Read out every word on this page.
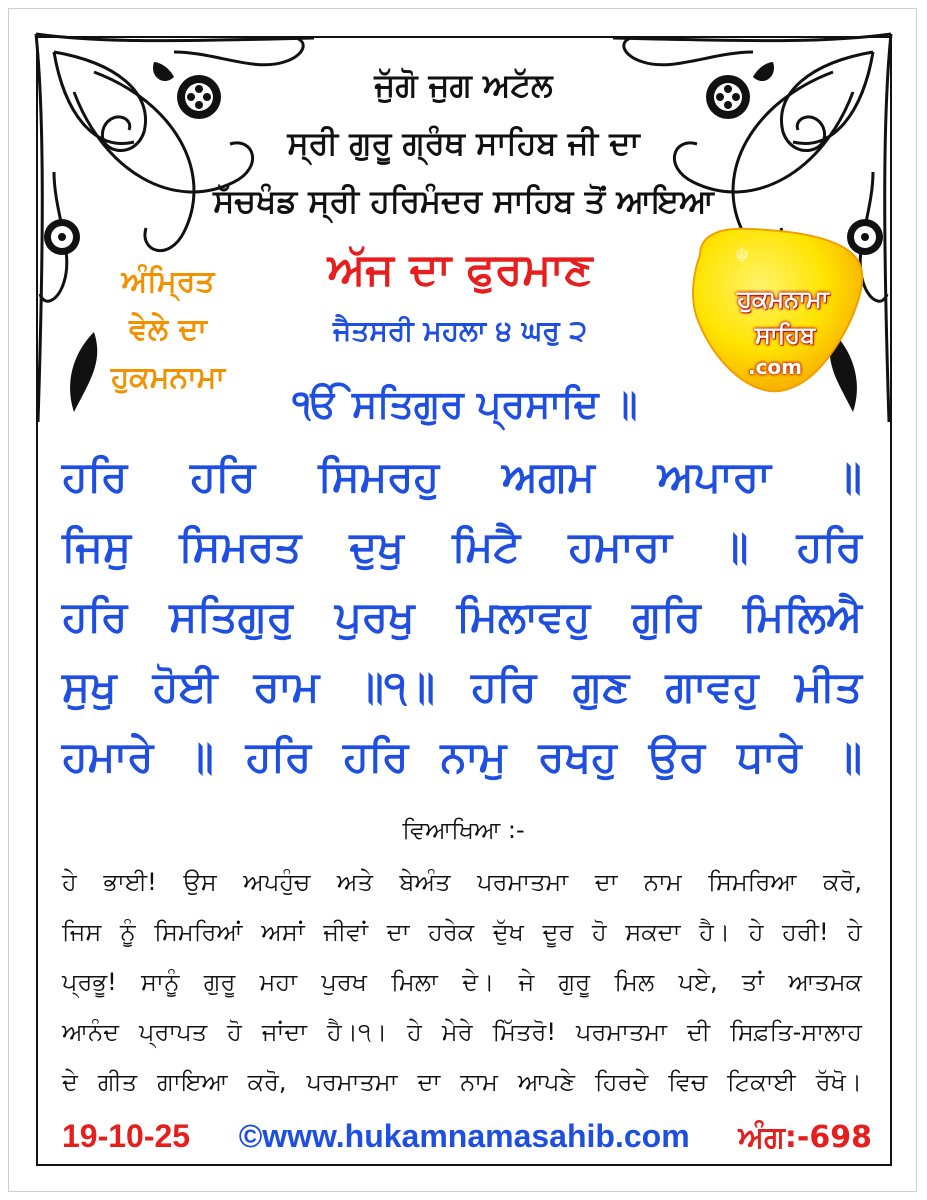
ਜੁੱਗੋ ਜੁਗ ਅਟੱਲ
ਸ੍ਰੀ ਗੁਰੂ ਗ੍ਰੰਥ ਸਾਹਿਬ ਜੀ ਦਾ
ਸੱਚਖੰਡ ਸ੍ਰੀ ਹਰਿਮੰਦਰ ਸਾਹਿਬ ਤੋਂ ਆਇਆ
ਅੰਮ੍ਰਿਤ
ਵੇਲੇ ਦਾ
ਹੁਕਮਨਾਮਾ
ਅੱਜ ਦਾ ਫੁਰਮਾਣ
ਜੈਤਸਰੀ ਮਹਲਾ ੪ ਘਰੁ ੨
ੴ ਸਤਿਗੁਰ ਪ੍ਰਸਾਦਿ ॥
☬
ਹੁਕਮਨਾਮਾ
ਸਾਹਿਬ
.com
ਹਰਿ ਹਰਿ ਸਿਮਰਹੁ ਅਗਮ ਅਪਾਰਾ ॥
ਜਿਸੁ ਸਿਮਰਤ ਦੁਖੁ ਮਿਟੈ ਹਮਾਰਾ ॥ ਹਰਿ
ਹਰਿ ਸਤਿਗੁਰੁ ਪੁਰਖੁ ਮਿਲਾਵਹੁ ਗੁਰਿ ਮਿਲਿਐ
ਸੁਖੁ ਹੋਈ ਰਾਮ ॥੧॥ ਹਰਿ ਗੁਣ ਗਾਵਹੁ ਮੀਤ
ਹਮਾਰੇ ॥ ਹਰਿ ਹਰਿ ਨਾਮੁ ਰਖਹੁ ਉਰ ਧਾਰੇ ॥
ਵਿਆਖਿਆ :-
ਹੇ ਭਾਈ! ਉਸ ਅਪਹੁੰਚ ਅਤੇ ਬੇਅੰਤ ਪਰਮਾਤਮਾ ਦਾ ਨਾਮ ਸਿਮਰਿਆ ਕਰੋ,
ਜਿਸ ਨੂੰ ਸਿਮਰਿਆਂ ਅਸਾਂ ਜੀਵਾਂ ਦਾ ਹਰੇਕ ਦੁੱਖ ਦੂਰ ਹੋ ਸਕਦਾ ਹੈ। ਹੇ ਹਰੀ! ਹੇ
ਪ੍ਰਭੂ! ਸਾਨੂੰ ਗੁਰੂ ਮਹਾ ਪੁਰਖ ਮਿਲਾ ਦੇ। ਜੇ ਗੁਰੂ ਮਿਲ ਪਏ, ਤਾਂ ਆਤਮਕ
ਆਨੰਦ ਪ੍ਰਾਪਤ ਹੋ ਜਾਂਦਾ ਹੈ।੧। ਹੇ ਮੇਰੇ ਮਿੱਤਰੋ! ਪਰਮਾਤਮਾ ਦੀ ਸਿਫ਼ਤਿ-ਸਾਲਾਹ
ਦੇ ਗੀਤ ਗਾਇਆ ਕਰੋ, ਪਰਮਾਤਮਾ ਦਾ ਨਾਮ ਆਪਣੇ ਹਿਰਦੇ ਵਿਚ ਟਿਕਾਈ ਰੱਖੋ।
19-10-25 ©www.hukamnamasahib.com ਅੰਗ:-698
